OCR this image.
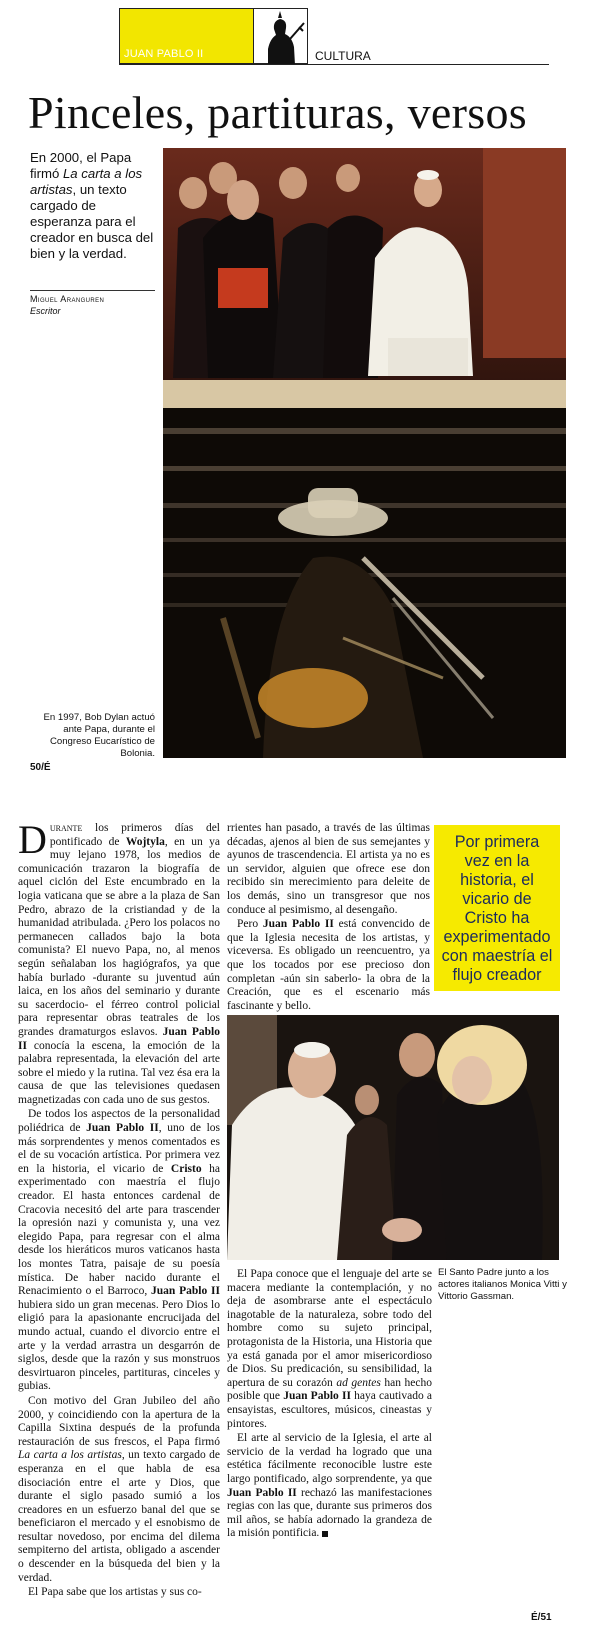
JUAN PABLO II	CULTURA
Pinceles, partituras, versos
En 2000, el Papa firmó La carta a los artistas, un texto cargado de esperanza para el creador en busca del bien y la verdad.
Miguel Aranguren
Escritor
En 1997, Bob Dylan actuó ante Papa, durante el Congreso Eucarístico de Bolonia.
50/É

Durante los primeros días del pontificado de Wojtyla, en un ya muy lejano 1978, los medios de comunicación trazaron la biografía de aquel ciclón del Este encumbrado en la logia vaticana que se abre a la plaza de San Pedro, abrazo de la cristiandad y de la humanidad atribulada. ¿Pero los polacos no permanecen callados bajo la bota comunista? El nuevo Papa, no, al menos según señalaban los hagiógrafos, ya que había burlado -durante su juventud aún laica, en los años del seminario y durante su sacerdocio- el férreo control policial para representar obras teatrales de los grandes dramaturgos eslavos. Juan Pablo II conocía la escena, la emoción de la palabra representada, la elevación del arte sobre el miedo y la rutina. Tal vez ésa era la causa de que las televisiones quedasen magnetizadas con cada uno de sus gestos.

De todos los aspectos de la personalidad poliédrica de Juan Pablo II, uno de los más sorprendentes y menos comentados es el de su vocación artística. Por primera vez en la historia, el vicario de Cristo ha experimentado con maestría el flujo creador. El hasta entonces cardenal de Cracovia necesitó del arte para trascender la opresión nazi y comunista y, una vez elegido Papa, para regresar con el alma desde los hieráticos muros vaticanos hasta los montes Tatra, paisaje de su poesía mística. De haber nacido durante el Renacimiento o el Barroco, Juan Pablo II hubiera sido un gran mecenas. Pero Dios lo eligió para la apasionante encrucijada del mundo actual, cuando el divorcio entre el arte y la verdad arrastra un desgarrón de siglos, desde que la razón y sus monstruos desvirtuaron pinceles, partituras, cinceles y gubias.

Con motivo del Gran Jubileo del año 2000, y coincidiendo con la apertura de la Capilla Sixtina después de la profunda restauración de sus frescos, el Papa firmó La carta a los artistas, un texto cargado de esperanza en el que habla de esa disociación entre el arte y Dios, que durante el siglo pasado sumió a los creadores en un esfuerzo banal del que se beneficiaron el mercado y el esnobismo de resultar novedoso, por encima del dilema sempiterno del artista, obligado a ascender o descender en la búsqueda del bien y la verdad.

El Papa sabe que los artistas y sus co-

rrientes han pasado, a través de las últimas décadas, ajenos al bien de sus semejantes y ayunos de trascendencia. El artista ya no es un servidor, alguien que ofrece ese don recibido sin merecimiento para deleite de los demás, sino un transgresor que nos conduce al pesimismo, al desengaño.

Pero Juan Pablo II está convencido de que la Iglesia necesita de los artistas, y viceversa. Es obligado un reencuentro, ya que los tocados por ese precioso don completan -aún sin saberlo- la obra de la Creación, que es el escenario más fascinante y bello.

Por primera vez en la historia, el vicario de Cristo ha experimentado con maestría el flujo creador
El Santo Padre junto a los actores italianos Monica Vitti y Vittorio Gassman.

El Papa conoce que el lenguaje del arte se macera mediante la contemplación, y no deja de asombrarse ante el espectáculo inagotable de la naturaleza, sobre todo del hombre como su sujeto principal, protagonista de la Historia, una Historia que ya está ganada por el amor misericordioso de Dios. Su predicación, su sensibilidad, la apertura de su corazón ad gentes han hecho posible que Juan Pablo II haya cautivado a ensayistas, escultores, músicos, cineastas y pintores.

El arte al servicio de la Iglesia, el arte al servicio de la verdad ha logrado que una estética fácilmente reconocible lustre este largo pontificado, algo sorprendente, ya que Juan Pablo II rechazó las manifestaciones regias con las que, durante sus primeros dos mil años, se había adornado la grandeza de la misión pontificia.

É/51
